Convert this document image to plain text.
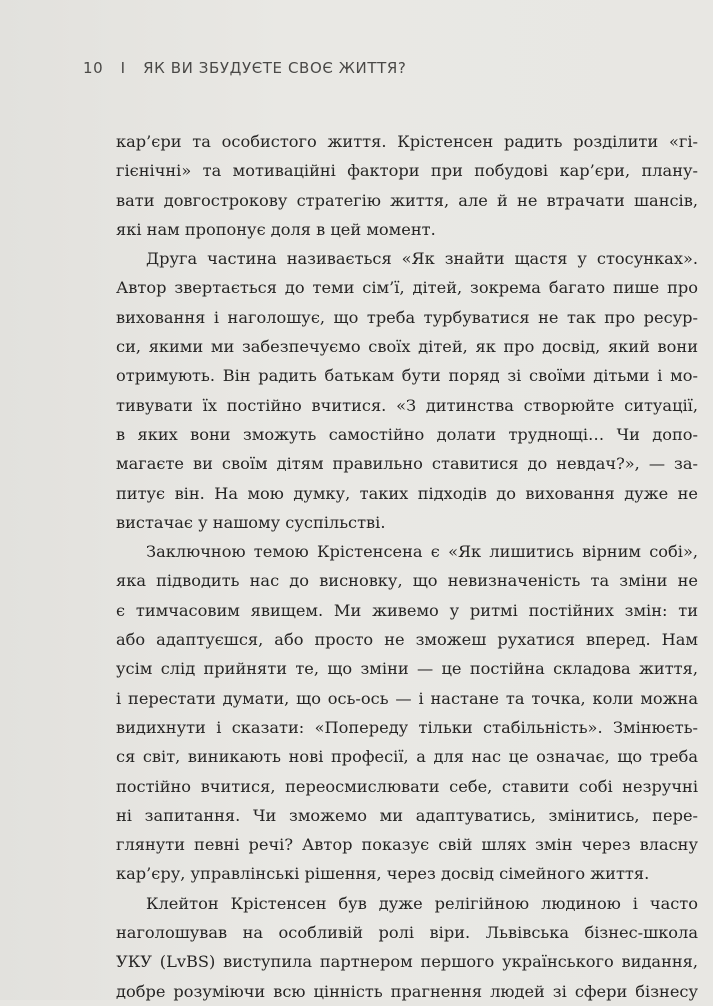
10 I ЯК ВИ ЗБУДУЄТЕ СВОЄ ЖИТТЯ?
кар’єри та особистого життя. Крістенсен радить розділити «гі-
гієнічні» та мотиваційні фактори при побудові кар’єри, плану-
вати довгострокову стратегію життя, але й не втрачати шансів,
які нам пропонує доля в цей момент.
Друга частина називається «Як знайти щастя у стосунках».
Автор звертається до теми сім’ї, дітей, зокрема багато пише про
виховання і наголошує, що треба турбуватися не так про ресур-
си, якими ми забезпечуємо своїх дітей, як про досвід, який вони
отримують. Він радить батькам бути поряд зі своїми дітьми і мо-
тивувати їх постійно вчитися. «З дитинства створюйте ситуації,
в яких вони зможуть самостійно долати труднощі… Чи допо-
магаєте ви своїм дітям правильно ставитися до невдач?», — за-
питує він. На мою думку, таких підходів до виховання дуже не
вистачає у нашому суспільстві.
Заключною темою Крістенсена є «Як лишитись вірним собі»,
яка підводить нас до висновку, що невизначеність та зміни не
є тимчасовим явищем. Ми живемо у ритмі постійних змін: ти
або адаптуєшся, або просто не зможеш рухатися вперед. Нам
усім слід прийняти те, що зміни — це постійна складова життя,
і перестати думати, що ось-ось — і настане та точка, коли можна
видихнути і сказати: «Попереду тільки стабільність». Змінюєть-
ся світ, виникають нові професії, а для нас це означає, що треба
постійно вчитися, переосмислювати себе, ставити собі незручні
ні запитання. Чи зможемо ми адаптуватись, змінитись, пере-
глянути певні речі? Автор показує свій шлях змін через власну
кар’єру, управлінські рішення, через досвід сімейного життя.
Клейтон Крістенсен був дуже релігійною людиною і часто
наголошував на особливій ролі віри. Львівська бізнес-школа
УКУ (LvBS) виступила партнером першого українського видання,
добре розуміючи всю цінність прагнення людей зі сфери бізнесу
